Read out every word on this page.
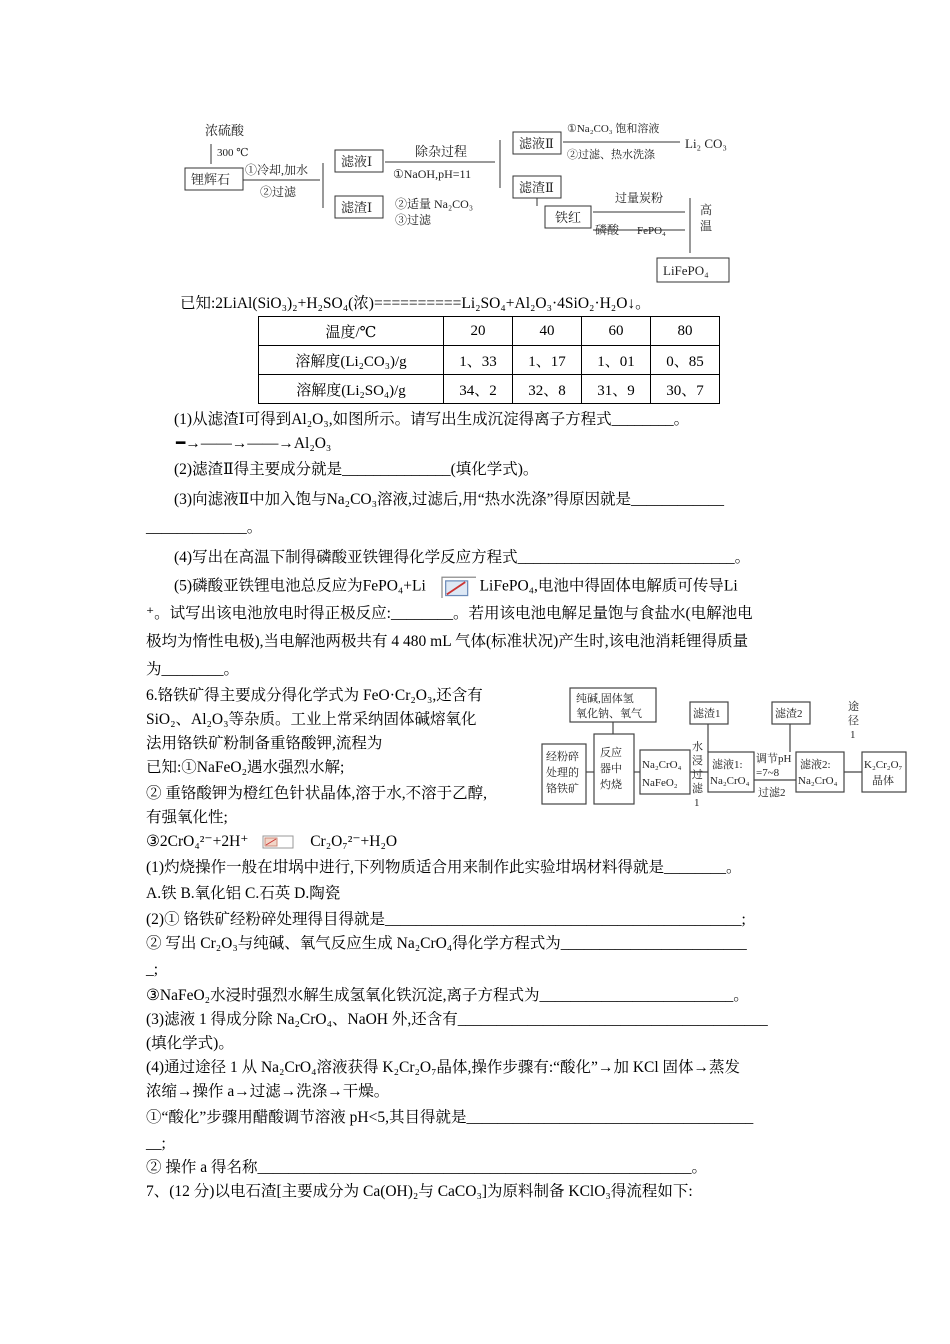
浓硫酸
300 ℃
锂辉石
①冷却,加水
②过滤
滤液Ⅰ
滤渣Ⅰ
除杂过程
①NaOH,pH=11
②适量 Na₂CO₃
③过滤
滤液Ⅱ
滤渣Ⅱ
①Na₂CO₃ 饱和溶液
②过滤、热水洗涤
Li₂ CO₃
铁红
过量炭粉
磷酸 FePO₄
高
温
LiFePO₄
已知:2LiAl(SiO₃)₂+H₂SO₄(浓)==========Li₂SO₄+Al₂O₃·4SiO₂·H₂O↓。
温度/℃	20	40	60	80
溶解度(Li₂CO₃)/g	1、33	1、17	1、01	0、85
溶解度(Li₂SO₄)/g	34、2	32、8	31、9	30、7
(1)从滤渣Ⅰ可得到Al₂O₃,如图所示。请写出生成沉淀得离子方程式________。
━→——→——→Al₂O₃
(2)滤渣Ⅱ得主要成分就是______________(填化学式)。
(3)向滤液Ⅱ中加入饱与Na₂CO₃溶液,过滤后,用“热水洗涤”得原因就是____________
_____________。
(4)写出在高温下制得磷酸亚铁锂得化学反应方程式____________________________。
(5)磷酸亚铁锂电池总反应为FePO₄+Li	LiFePO₄,电池中得固体电解质可传导Li
⁺。试写出该电池放电时得正极反应:________。若用该电池电解足量饱与食盐水(电解池电
极均为惰性电极),当电解池两极共有 4 480 mL 气体(标准状况)产生时,该电池消耗锂得质量
为________。
6.铬铁矿得主要成分得化学式为 FeO·Cr₂O₃,还含有
SiO₂、Al₂O₃等杂质。工业上常采纳固体碱熔氧化
法用铬铁矿粉制备重铬酸钾,流程为
已知:①NaFeO₂遇水强烈水解;
② 重铬酸钾为橙红色针状晶体,溶于水,不溶于乙醇,
有强氧化性;
③2CrO₄²⁻+2H⁺	Cr₂O₇²⁻+H₂O
纯碱,固体氢
氧化钠、氧气
经粉碎
处理的
铬铁矿
反应
器中
灼烧
Na₂CrO₄
NaFeO₂
水
浸
过
滤
1
滤渣1
滤液1:
Na₂CrO₄
调节pH
=7~8
过滤2
滤渣2
滤液2:
Na₂CrO₄
途
径
1
K₂Cr₂O₇
晶体
(1)灼烧操作一般在坩埚中进行,下列物质适合用来制作此实验坩埚材料得就是________。
A.铁 B.氧化铝 C.石英 D.陶瓷
(2)① 铬铁矿经粉碎处理得目得就是______________________________________________;
② 写出 Cr₂O₃与纯碱、氧气反应生成 Na₂CrO₄得化学方程式为________________________
_;
③NaFeO₂水浸时强烈水解生成氢氧化铁沉淀,离子方程式为_________________________。
(3)滤液 1 得成分除 Na₂CrO₄、NaOH 外,还含有________________________________________
(填化学式)。
(4)通过途径 1 从 Na₂CrO₄溶液获得 K₂Cr₂O₇晶体,操作步骤有:“酸化”→加 KCl 固体→蒸发
浓缩→操作 a→过滤→洗涤→干燥。
①“酸化”步骤用醋酸调节溶液 pH<5,其目得就是_____________________________________
__;
② 操作 a 得名称________________________________________________________。
7、(12 分)以电石渣[主要成分为 Ca(OH)₂与 CaCO₃]为原料制备 KClO₃得流程如下:
